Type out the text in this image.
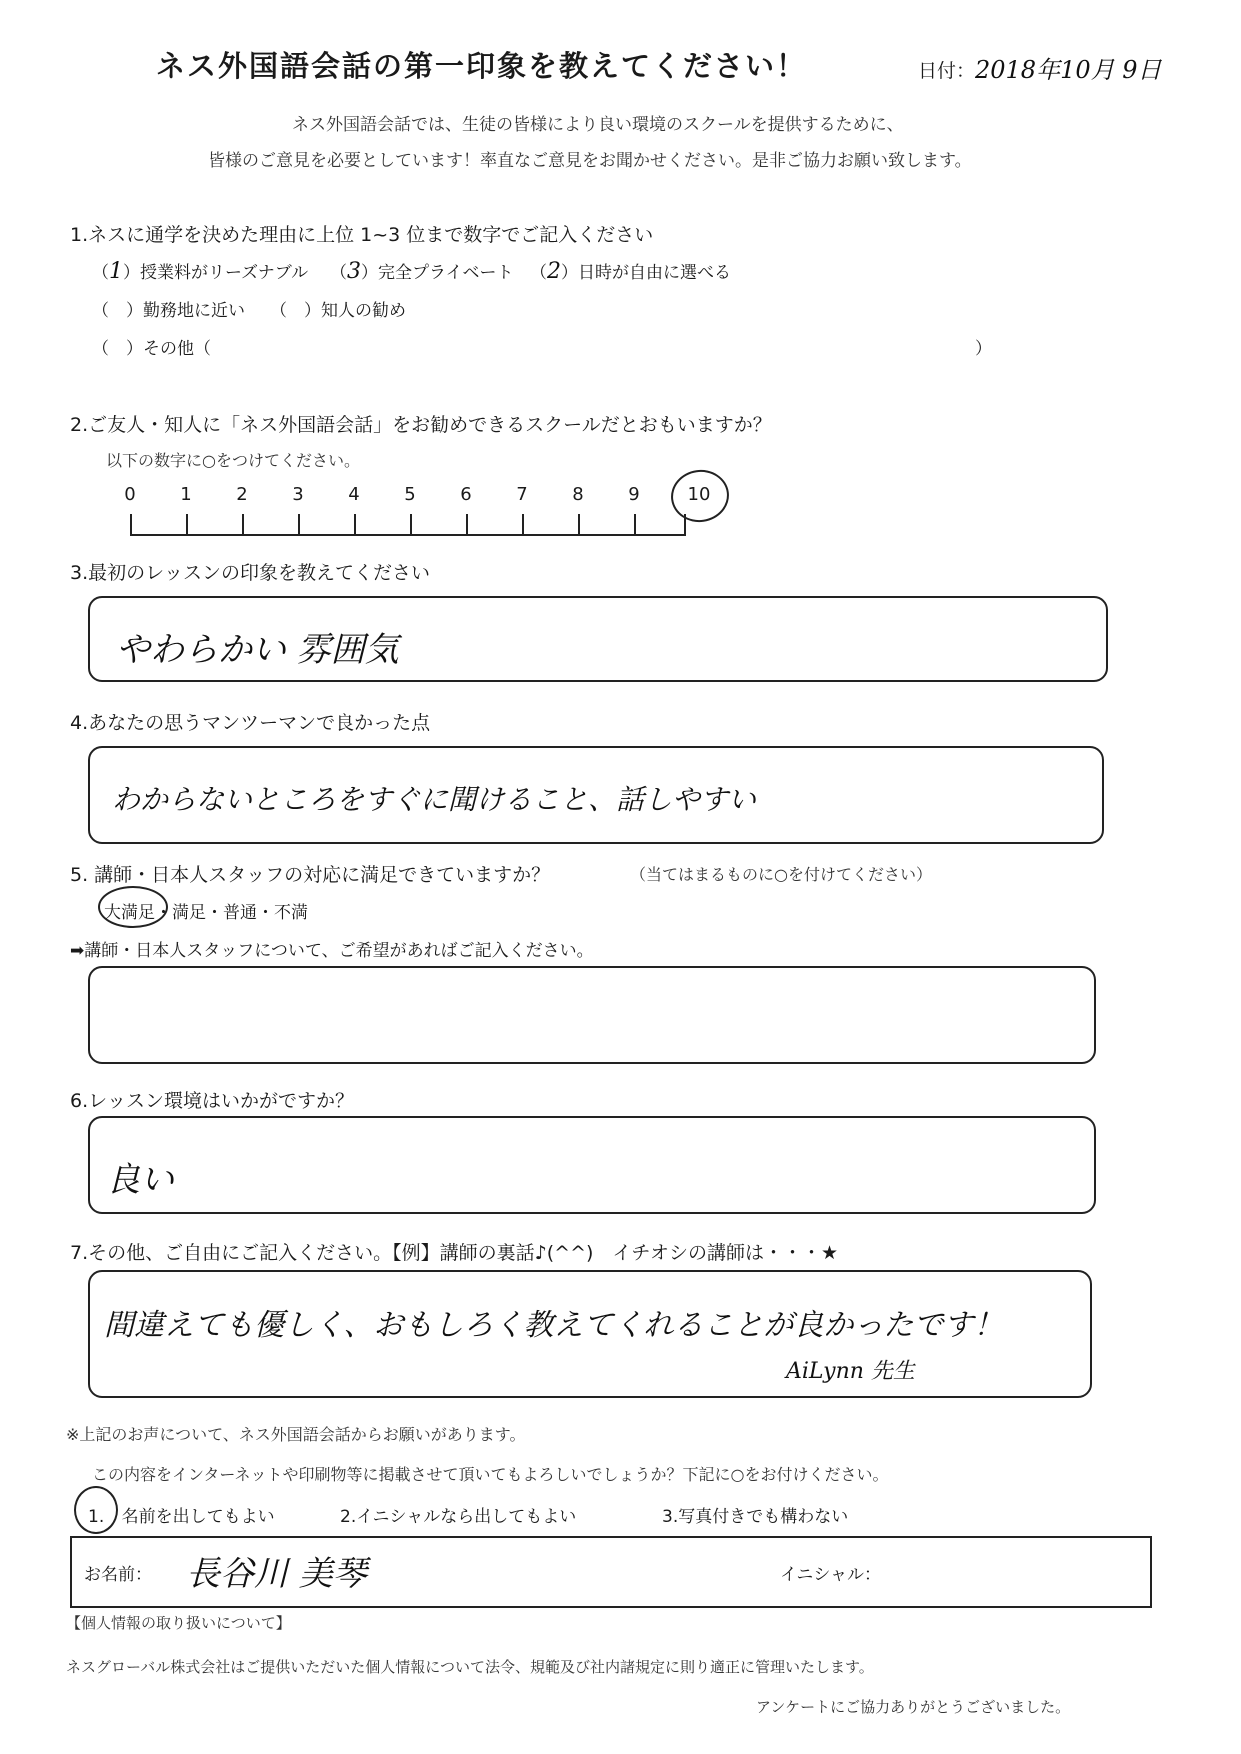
ネス外国語会話の第一印象を教えてください！	日付： 2018年10月 9日
ネス外国語会話では、生徒の皆様により良い環境のスクールを提供するために、
皆様のご意見を必要としています！率直なご意見をお聞かせください。是非ご協力お願い致します。
1.ネスに通学を決めた理由に上位 1~3 位まで数字でご記入ください
（1）授業料がリーズナブル （3）完全プライベート （2）日時が自由に選べる
（　）勤務地に近い （　）知人の勧め
（　）その他（	）
2.ご友人・知人に「ネス外国語会話」をお勧めできるスクールだとおもいますか？
以下の数字に○をつけてください。
0 1 2 3 4 5 6 7 8 9	10
3.最初のレッスンの印象を教えてください
やわらかい 雰囲気
4.あなたの思うマンツーマンで良かった点
わからないところをすぐに聞けること、話しやすい
5. 講師・日本人スタッフの対応に満足できていますか？	（当てはまるものに○を付けてください）
大満足・満足・普通・不満
➡講師・日本人スタッフについて、ご希望があればご記入ください。
6.レッスン環境はいかがですか？
良い
7.その他、ご自由にご記入ください。【例】講師の裏話♪(^^)　イチオシの講師は・・・★
間違えても優しく、おもしろく教えてくれることが良かったです！
AiLynn 先生
※上記のお声について、ネス外国語会話からお願いがあります。
この内容をインターネットや印刷物等に掲載させて頂いてもよろしいでしょうか？下記に○をお付けください。
1. 名前を出してもよい	2.イニシャルなら出してもよい	3.写真付きでも構わない
お名前： 長谷川 美琴	イニシャル：
【個人情報の取り扱いについて】
ネスグローバル株式会社はご提供いただいた個人情報について法令、規範及び社内諸規定に則り適正に管理いたします。
アンケートにご協力ありがとうございました。
